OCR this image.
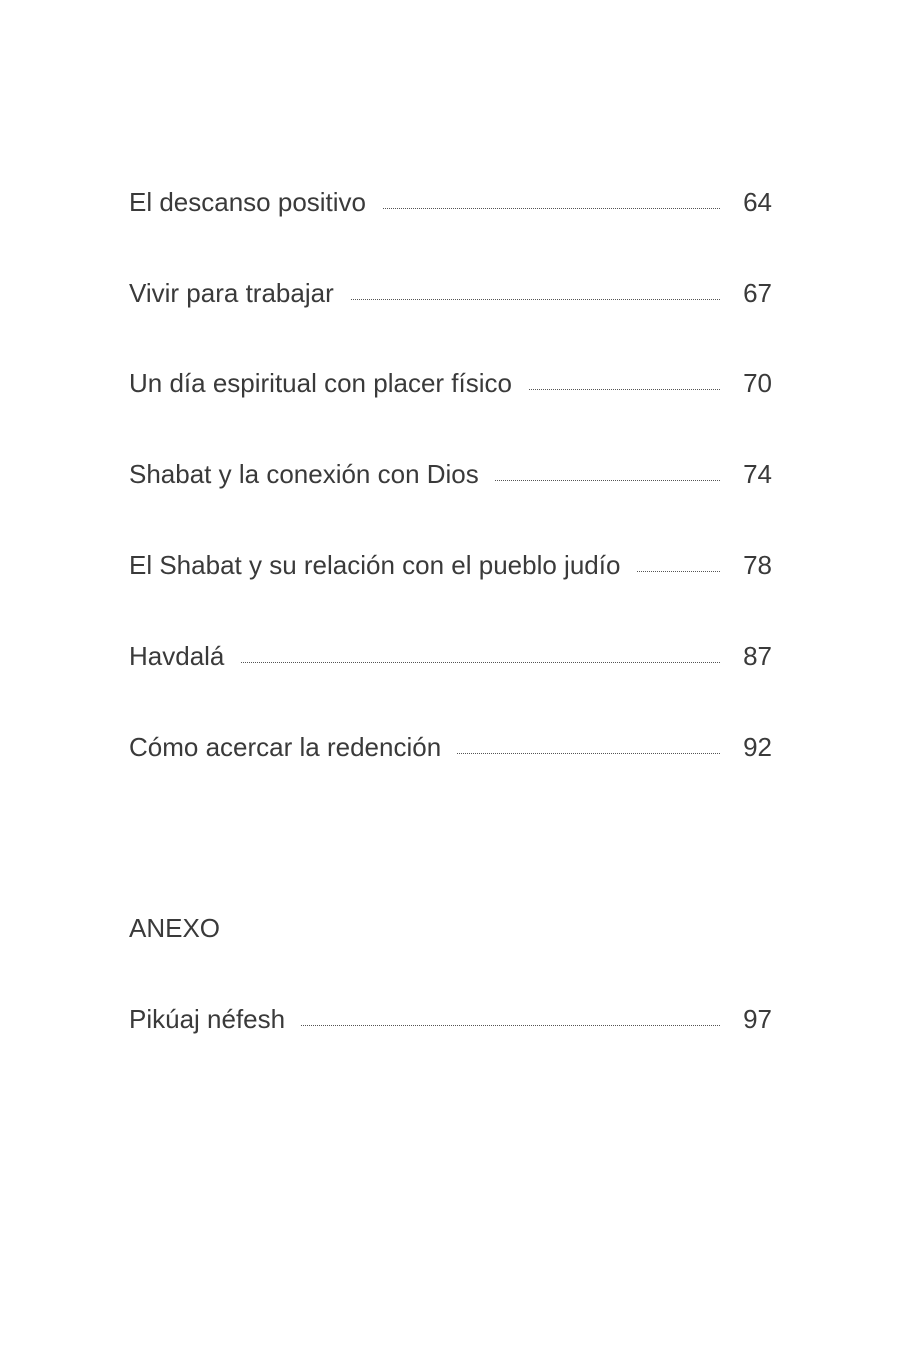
El descanso positivo	64
Vivir para trabajar	67
Un día espiritual con placer físico	70
Shabat y la conexión con Dios	74
El Shabat y su relación con el pueblo judío	78
Havdalá	87
Cómo acercar la redención	92
Pikúaj néfesh	97
ANEXO
